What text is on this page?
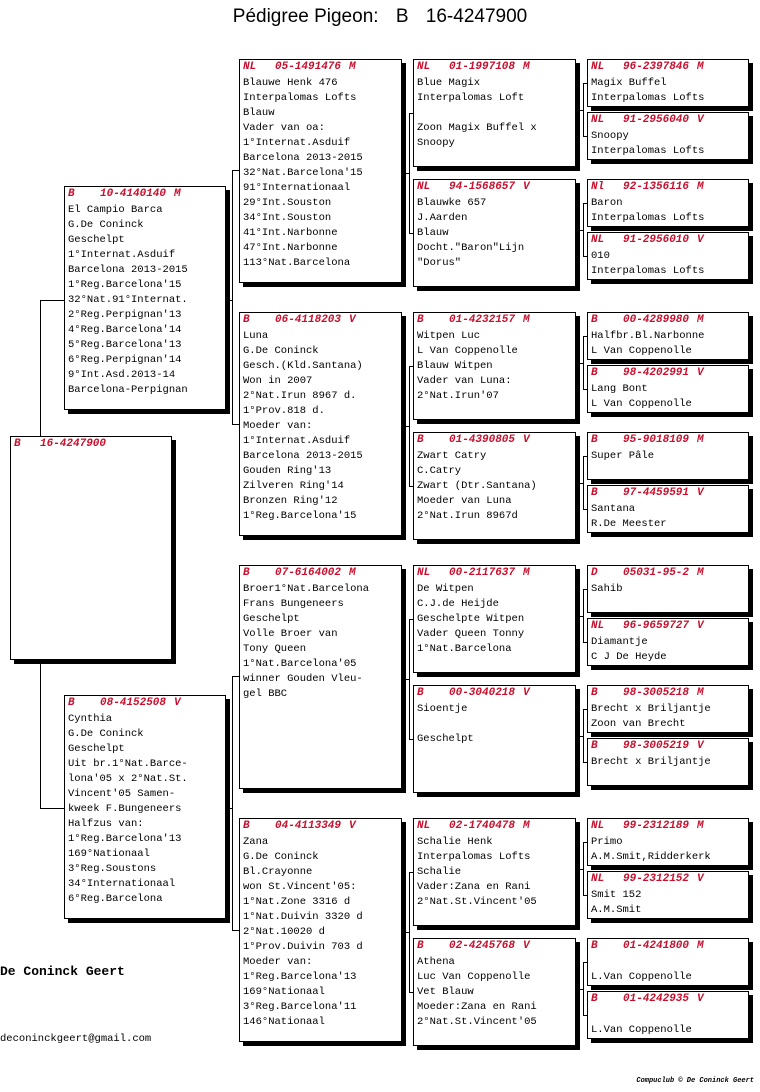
Pédigree Pigeon: B 16-4247900
B 16-4247900
B 10-4140140 M
El Campio Barca
G.De Coninck
Geschelpt
1°Internat.Asduif
Barcelona 2013-2015
1°Reg.Barcelona'15
32°Nat.91°Internat.
2°Reg.Perpignan'13
4°Reg.Barcelona'14
5°Reg.Barcelona'13
6°Reg.Perpignan'14
9°Int.Asd.2013-14
Barcelona-Perpignan
B 08-4152508 V
Cynthia
G.De Coninck
Geschelpt
Uit br.1°Nat.Barce-
lona'05 x 2°Nat.St.
Vincent'05 Samen-
kweek F.Bungeneers
Halfzus van:
1°Reg.Barcelona'13
169°Nationaal
3°Reg.Soustons
34°Internationaal
6°Reg.Barcelona
NL 05-1491476 M
Blauwe Henk 476
Interpalomas Lofts
Blauw
Vader van oa:
1°Internat.Asduif
Barcelona 2013-2015
32°Nat.Barcelona'15
91°Internationaal
29°Int.Souston
34°Int.Souston
41°Int.Narbonne
47°Int.Narbonne
113°Nat.Barcelona
B 06-4118203 V
Luna
G.De Coninck
Gesch.(Kld.Santana)
Won in 2007
2°Nat.Irun 8967 d.
1°Prov.818 d.
Moeder van:
1°Internat.Asduif
Barcelona 2013-2015
Gouden Ring'13
Zilveren Ring'14
Bronzen Ring'12
1°Reg.Barcelona'15
B 07-6164002 M
Broer1°Nat.Barcelona
Frans Bungeneers
Geschelpt
Volle Broer van
Tony Queen
1°Nat.Barcelona'05
winner Gouden Vleu-
gel BBC
B 04-4113349 V
Zana
G.De Coninck
Bl.Crayonne
won St.Vincent'05:
1°Nat.Zone 3316 d
1°Nat.Duivin 3320 d
2°Nat.10020 d
1°Prov.Duivin 703 d
Moeder van:
1°Reg.Barcelona'13
169°Nationaal
3°Reg.Barcelona'11
146°Nationaal
NL 01-1997108 M
Blue Magix
Interpalomas Loft
Zoon Magix Buffel x
Snoopy
NL 94-1568657 V
Blauwke 657
J.Aarden
Blauw
Docht."Baron"Lijn
"Dorus"
B 01-4232157 M
Witpen Luc
L Van Coppenolle
Blauw Witpen
Vader van Luna:
2°Nat.Irun'07
B 01-4390805 V
Zwart Catry
C.Catry
Zwart (Dtr.Santana)
Moeder van Luna
2°Nat.Irun 8967d
NL 00-2117637 M
De Witpen
C.J.de Heijde
Geschelpte Witpen
Vader Queen Tonny
1°Nat.Barcelona
B 00-3040218 V
Sioentje
Geschelpt
NL 02-1740478 M
Schalie Henk
Interpalomas Lofts
Schalie
Vader:Zana en Rani
2°Nat.St.Vincent'05
B 02-4245768 V
Athena
Luc Van Coppenolle
Vet Blauw
Moeder:Zana en Rani
2°Nat.St.Vincent'05
NL 96-2397846 M
Magix Buffel
Interpalomas Lofts
NL 91-2956040 V
Snoopy
Interpalomas Lofts
Nl 92-1356116 M
Baron
Interpalomas Lofts
NL 91-2956010 V
010
Interpalomas Lofts
B 00-4289980 M
Halfbr.Bl.Narbonne
L Van Coppenolle
B 98-4202991 V
Lang Bont
L Van Coppenolle
B 95-9018109 M
Super Pâle
B 97-4459591 V
Santana
R.De Meester
D 05031-95-2 M
Sahib
NL 96-9659727 V
Diamantje
C J De Heyde
B 98-3005218 M
Brecht x Briljantje
Zoon van Brecht
B 98-3005219 V
Brecht x Briljantje
NL 99-2312189 M
Primo
A.M.Smit,Ridderkerk
NL 99-2312152 V
Smit 152
A.M.Smit
B 01-4241800 M
L.Van Coppenolle
B 01-4242935 V
L.Van Coppenolle
De Coninck Geert
deconinckgeert@gmail.com
Compuclub © De Coninck Geert
